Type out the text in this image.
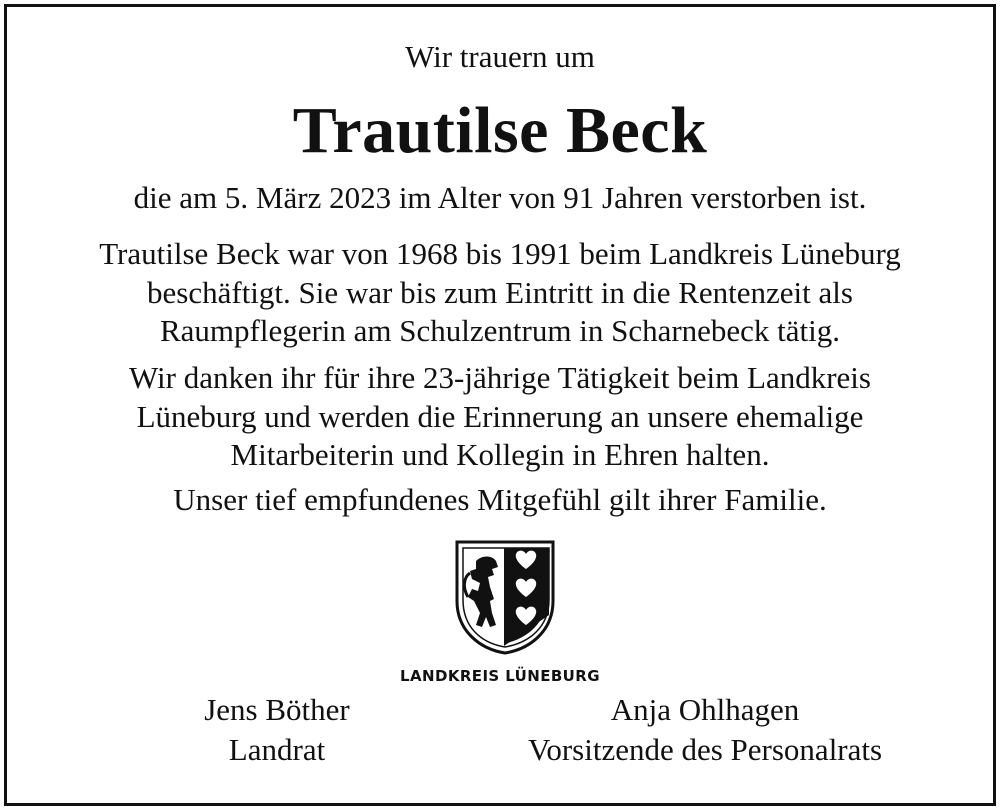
Wir trauern um
Trautilse Beck
die am 5. März 2023 im Alter von 91 Jahren verstorben ist.
Trautilse Beck war von 1968 bis 1991 beim Landkreis Lüneburg
beschäftigt. Sie war bis zum Eintritt in die Rentenzeit als
Raumpflegerin am Schulzentrum in Scharnebeck tätig.
Wir danken ihr für ihre 23-jährige Tätigkeit beim Landkreis
Lüneburg und werden die Erinnerung an unsere ehemalige
Mitarbeiterin und Kollegin in Ehren halten.
Unser tief empfundenes Mitgefühl gilt ihrer Familie.
LANDKREIS LÜNEBURG
Jens Böther
Landrat
Anja Ohlhagen
Vorsitzende des Personalrats
